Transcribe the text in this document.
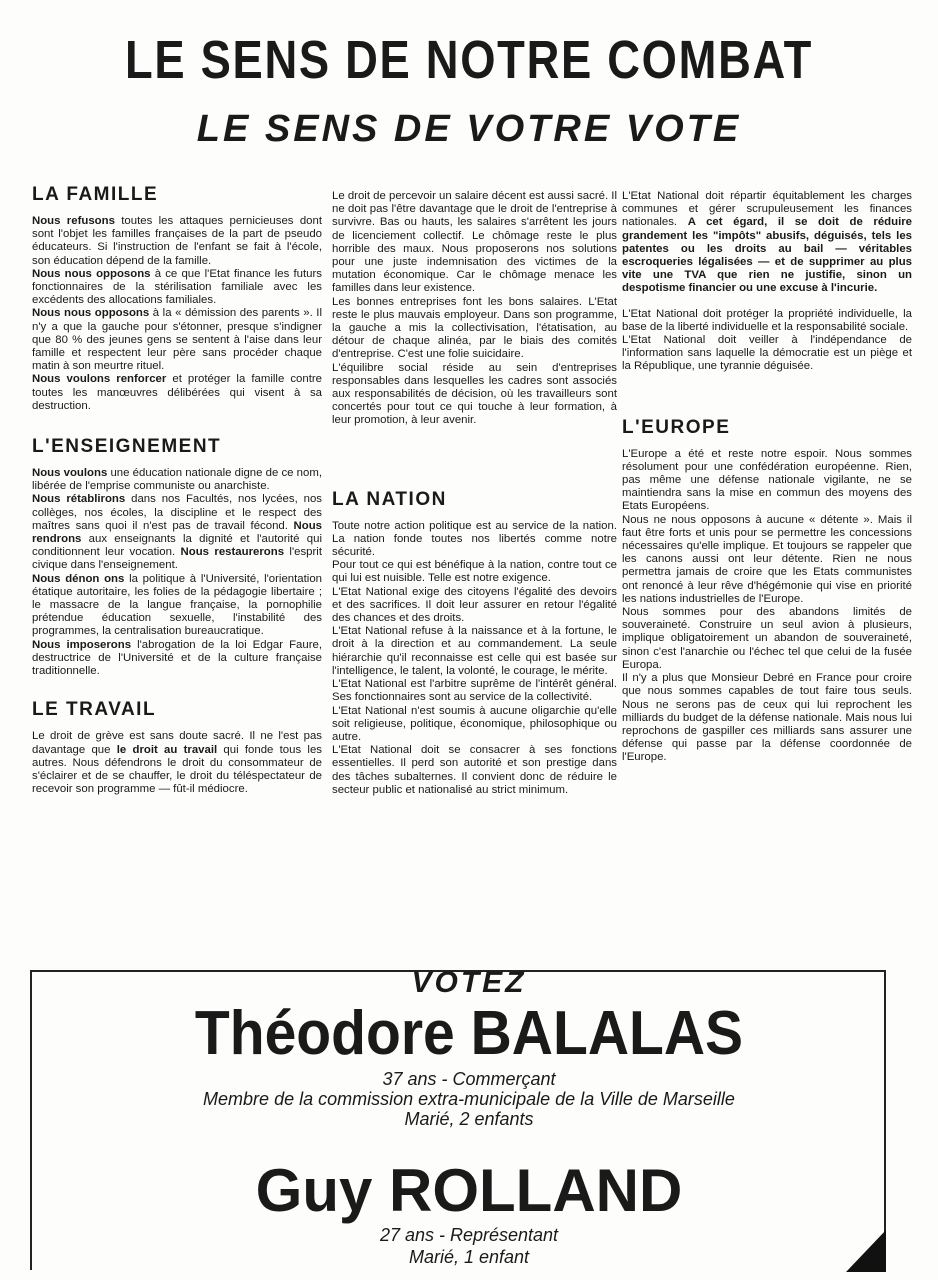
LE SENS DE NOTRE COMBAT
LE SENS DE VOTRE VOTE

LA FAMILLE

Nous refusons toutes les attaques pernicieuses dont sont l'objet les familles françaises de la part de pseudo éducateurs. Si l'instruction de l'enfant se fait à l'école, son éducation dépend de la famille.

Nous nous opposons à ce que l'Etat finance les futurs fonctionnaires de la stérilisation familiale avec les excédents des allocations familiales.

Nous nous opposons à la « démission des parents ». Il n'y a que la gauche pour s'étonner, presque s'indigner que 80 % des jeunes gens se sentent à l'aise dans leur famille et respectent leur père sans procéder chaque matin à son meurtre rituel.

Nous voulons renforcer et protéger la famille contre toutes les manœuvres délibérées qui visent à sa destruction.

L'ENSEIGNEMENT

Nous voulons une éducation nationale digne de ce nom, libérée de l'emprise communiste ou anarchiste.

Nous rétablirons dans nos Facultés, nos lycées, nos collèges, nos écoles, la discipline et le respect des maîtres sans quoi il n'est pas de travail fécond. Nous rendrons aux enseignants la dignité et l'autorité qui conditionnent leur vocation. Nous restaurerons l'esprit civique dans l'enseignement.

Nous dénon ons la politique à l'Université, l'orientation étatique autoritaire, les folies de la pédagogie libertaire ; le massacre de la langue française, la pornophilie prétendue éducation sexuelle, l'instabilité des programmes, la centralisation bureaucratique.

Nous imposerons l'abrogation de la loi Edgar Faure, destructrice de l'Université et de la culture française traditionnelle.

LE TRAVAIL

Le droit de grève est sans doute sacré. Il ne l'est pas davantage que le droit au travail qui fonde tous les autres. Nous défendrons le droit du consommateur de s'éclairer et de se chauffer, le droit du téléspectateur de recevoir son programme — fût-il médiocre.

Le droit de percevoir un salaire décent est aussi sacré. Il ne doit pas l'être davantage que le droit de l'entreprise à survivre. Bas ou hauts, les salaires s'arrêtent les jours de licenciement collectif. Le chômage reste le plus horrible des maux. Nous proposerons nos solutions pour une juste indemnisation des victimes de la mutation économique. Car le chômage menace les familles dans leur existence.

Les bonnes entreprises font les bons salaires. L'Etat reste le plus mauvais employeur. Dans son programme, la gauche a mis la collectivisation, l'étatisation, au détour de chaque alinéa, par le biais des comités d'entreprise. C'est une folie suicidaire.

L'équilibre social réside au sein d'entreprises responsables dans lesquelles les cadres sont associés aux responsabilités de décision, où les travailleurs sont concertés pour tout ce qui touche à leur formation, à leur promotion, à leur avenir.

LA NATION

Toute notre action politique est au service de la nation. La nation fonde toutes nos libertés comme notre sécurité.

Pour tout ce qui est bénéfique à la nation, contre tout ce qui lui est nuisible. Telle est notre exigence.

L'Etat National exige des citoyens l'égalité des devoirs et des sacrifices. Il doit leur assurer en retour l'égalité des chances et des droits.

L'Etat National refuse à la naissance et à la fortune, le droit à la direction et au commandement. La seule hiérarchie qu'il reconnaisse est celle qui est basée sur l'intelligence, le talent, la volonté, le courage, le mérite.

L'Etat National est l'arbitre suprême de l'intérêt général. Ses fonctionnaires sont au service de la collectivité.

L'Etat National n'est soumis à aucune oligarchie qu'elle soit religieuse, politique, économique, philosophique ou autre.

L'Etat National doit se consacrer à ses fonctions essentielles. Il perd son autorité et son prestige dans des tâches subalternes. Il convient donc de réduire le secteur public et nationalisé au strict minimum.

L'Etat National doit répartir équitablement les charges communes et gérer scrupuleusement les finances nationales. A cet égard, il se doit de réduire grandement les "impôts" abusifs, déguisés, tels les patentes ou les droits au bail — véritables escroqueries légalisées — et de supprimer au plus vite une TVA que rien ne justifie, sinon un despotisme financier ou une excuse à l'incurie.

L'Etat National doit protéger la propriété individuelle, la base de la liberté individuelle et la responsabilité sociale.

L'Etat National doit veiller à l'indépendance de l'information sans laquelle la démocratie est un piège et la République, une tyrannie déguisée.

L'EUROPE

L'Europe a été et reste notre espoir. Nous sommes résolument pour une confédération européenne. Rien, pas même une défense nationale vigilante, ne se maintiendra sans la mise en commun des moyens des Etats Européens.

Nous ne nous opposons à aucune « détente ». Mais il faut être forts et unis pour se permettre les concessions nécessaires qu'elle implique. Et toujours se rappeler que les canons aussi ont leur détente. Rien ne nous permettra jamais de croire que les Etats communistes ont renoncé à leur rêve d'hégémonie qui vise en priorité les nations industrielles de l'Europe.

Nous sommes pour des abandons limités de souveraineté. Construire un seul avion à plusieurs, implique obligatoirement un abandon de souveraineté, sinon c'est l'anarchie ou l'échec tel que celui de la fusée Europa.

Il n'y a plus que Monsieur Debré en France pour croire que nous sommes capables de tout faire tous seuls. Nous ne serons pas de ceux qui lui reprochent les milliards du budget de la défense nationale. Mais nous lui reprochons de gaspiller ces milliards sans assurer une défense qui passe par la défense coordonnée de l'Europe.

VOTEZ
Théodore BALALAS
37 ans - Commerçant
Membre de la commission extra-municipale de la Ville de Marseille
Marié, 2 enfants
Guy ROLLAND
27 ans - Représentant
Marié, 1 enfant
